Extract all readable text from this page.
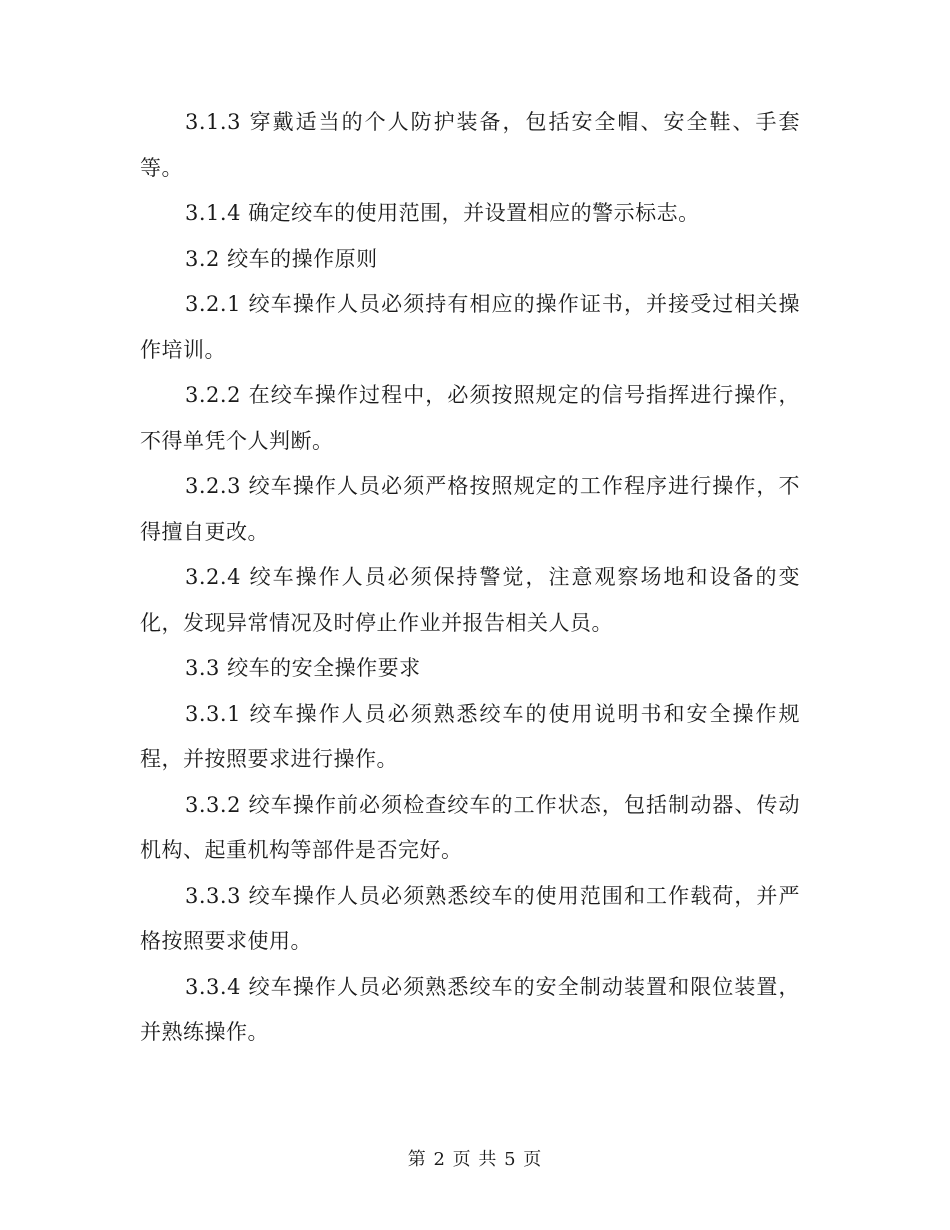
3.1.3 穿戴适当的个人防护装备，包括安全帽、安全鞋、手套等。

3.1.4 确定绞车的使用范围，并设置相应的警示标志。

3.2 绞车的操作原则

3.2.1 绞车操作人员必须持有相应的操作证书，并接受过相关操作培训。

3.2.2 在绞车操作过程中，必须按照规定的信号指挥进行操作，不得单凭个人判断。

3.2.3 绞车操作人员必须严格按照规定的工作程序进行操作，不得擅自更改。

3.2.4 绞车操作人员必须保持警觉，注意观察场地和设备的变化，发现异常情况及时停止作业并报告相关人员。

3.3 绞车的安全操作要求

3.3.1 绞车操作人员必须熟悉绞车的使用说明书和安全操作规程，并按照要求进行操作。

3.3.2 绞车操作前必须检查绞车的工作状态，包括制动器、传动机构、起重机构等部件是否完好。

3.3.3 绞车操作人员必须熟悉绞车的使用范围和工作载荷，并严格按照要求使用。

3.3.4 绞车操作人员必须熟悉绞车的安全制动装置和限位装置，并熟练操作。

第 2 页 共 5 页
